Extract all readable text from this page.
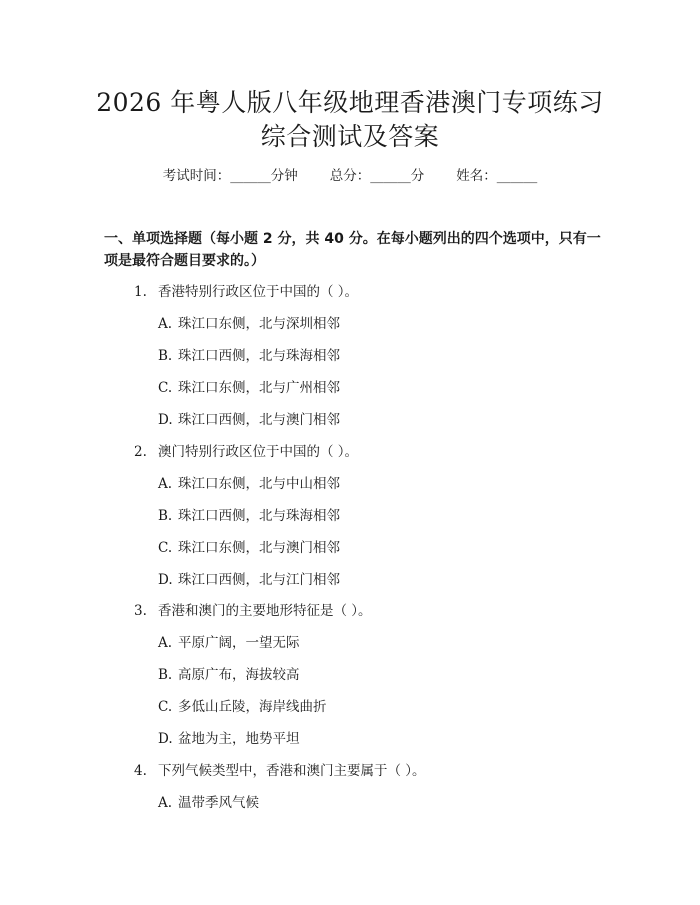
2026 年粤人版八年级地理香港澳门专项练习
综合测试及答案
考试时间：______分钟 总分：______分 姓名：______
一、单项选择题（每小题 2 分，共 40 分。在每小题列出的四个选项中，只有一项是最符合题目要求的。）
1. 香港特别行政区位于中国的（ ）。
A. 珠江口东侧，北与深圳相邻
B. 珠江口西侧，北与珠海相邻
C. 珠江口东侧，北与广州相邻
D. 珠江口西侧，北与澳门相邻
2. 澳门特别行政区位于中国的（ ）。
A. 珠江口东侧，北与中山相邻
B. 珠江口西侧，北与珠海相邻
C. 珠江口东侧，北与澳门相邻
D. 珠江口西侧，北与江门相邻
3. 香港和澳门的主要地形特征是（ ）。
A. 平原广阔，一望无际
B. 高原广布，海拔较高
C. 多低山丘陵，海岸线曲折
D. 盆地为主，地势平坦
4. 下列气候类型中，香港和澳门主要属于（ ）。
A. 温带季风气候
